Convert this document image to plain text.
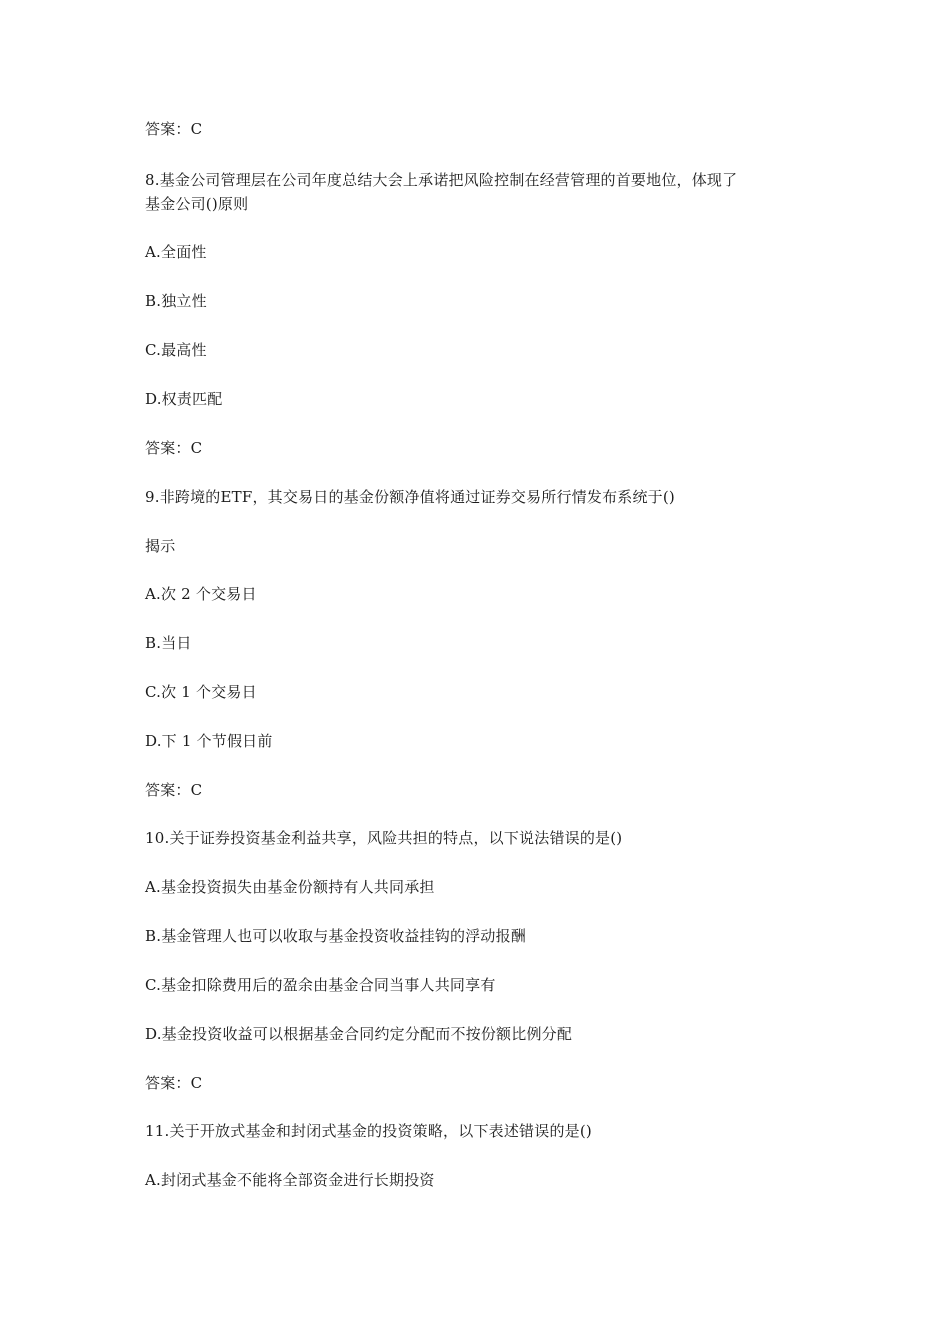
答案：C
8.基金公司管理层在公司年度总结大会上承诺把风险控制在经营管理的首要地位，体现了
基金公司()原则
A.全面性
B.独立性
C.最高性
D.权责匹配
答案：C
9.非跨境的ETF，其交易日的基金份额净值将通过证券交易所行情发布系统于()
揭示
A.次 2 个交易日
B.当日
C.次 1 个交易日
D.下 1 个节假日前
答案：C
10.关于证券投资基金利益共享，风险共担的特点，以下说法错误的是()
A.基金投资损失由基金份额持有人共同承担
B.基金管理人也可以收取与基金投资收益挂钩的浮动报酬
C.基金扣除费用后的盈余由基金合同当事人共同享有
D.基金投资收益可以根据基金合同约定分配而不按份额比例分配
答案：C
11.关于开放式基金和封闭式基金的投资策略，以下表述错误的是()
A.封闭式基金不能将全部资金进行长期投资
